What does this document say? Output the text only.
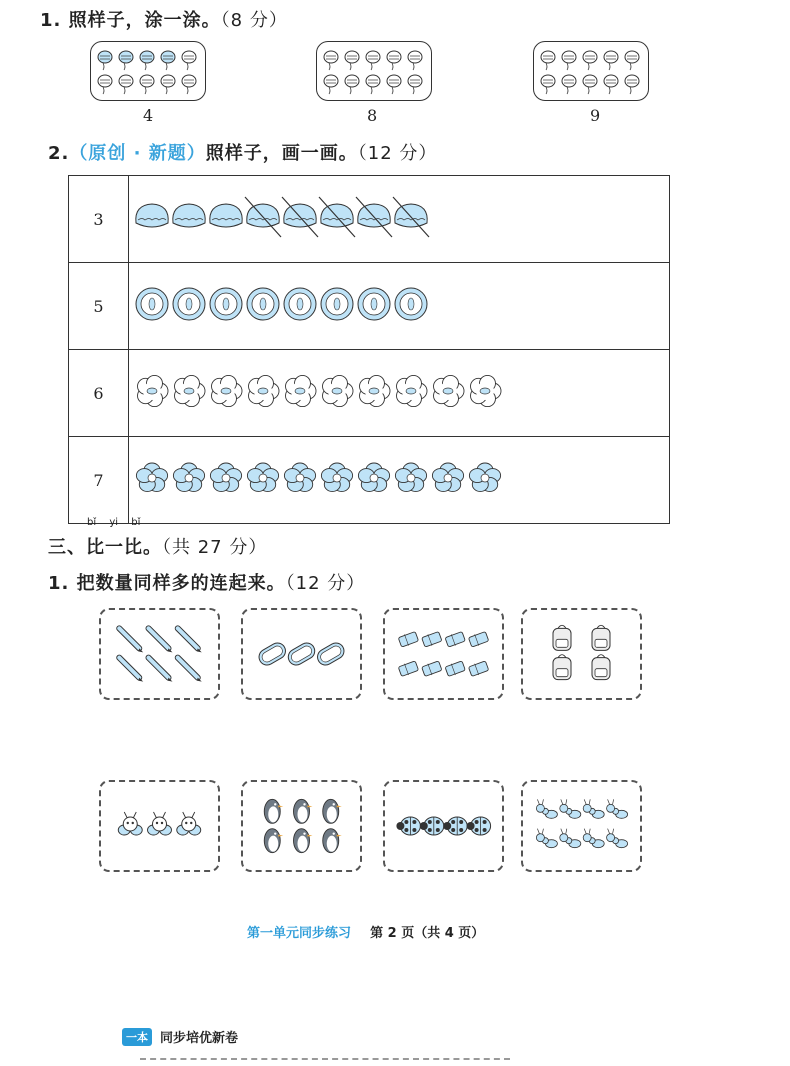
1. 照样子，涂一涂。（8 分）
4	8	9
2.（原创 · 新题）照样子，画一画。（12 分）
3	
5	
6	
7	
bǐ yi bǐ
三、比一比。（共 27 分）
1. 把数量同样多的连起来。（12 分）
第一单元同步练习 第 2 页（共 4 页）
一本 同步培优新卷
